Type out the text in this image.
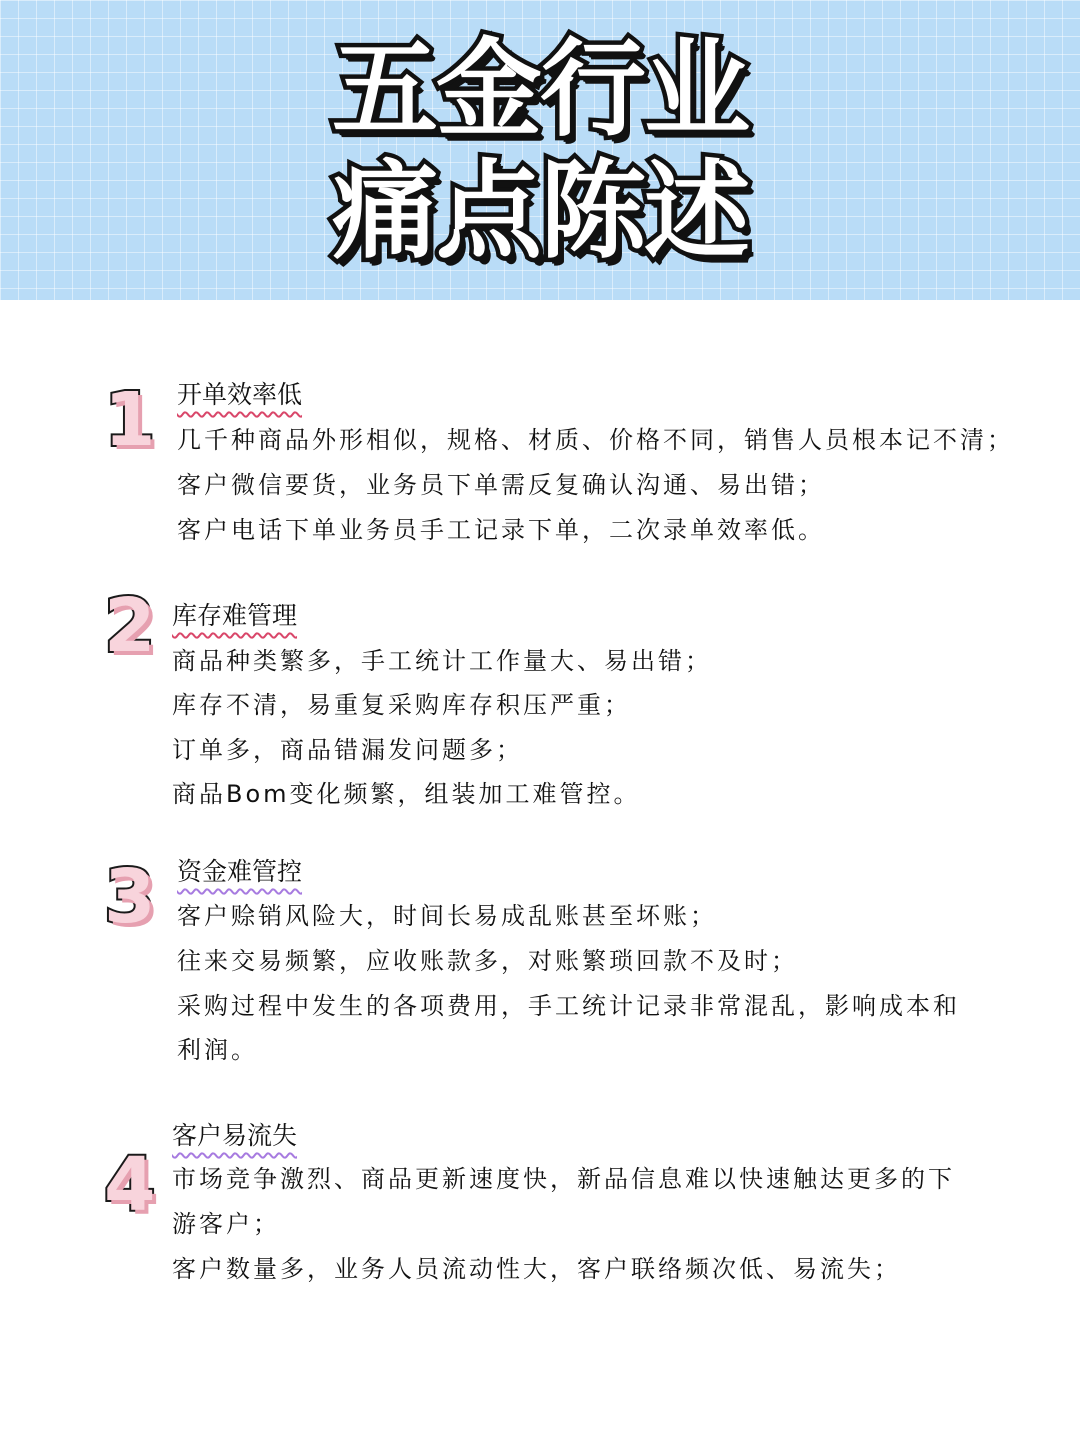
五金行业
痛点陈述
1 开单效率低
几千种商品外形相似，规格、材质、价格不同，销售人员根本记不清；
客户微信要货，业务员下单需反复确认沟通、易出错；
客户电话下单业务员手工记录下单，二次录单效率低。
2 库存难管理
商品种类繁多，手工统计工作量大、易出错；
库存不清，易重复采购库存积压严重；
订单多，商品错漏发问题多；
商品Bom变化频繁，组装加工难管控。
3 资金难管控
客户赊销风险大，时间长易成乱账甚至坏账；
往来交易频繁，应收账款多，对账繁琐回款不及时；
采购过程中发生的各项费用，手工统计记录非常混乱，影响成本和
利润。
4
客户易流失
市场竞争激烈、商品更新速度快，新品信息难以快速触达更多的下
游客户；
客户数量多，业务人员流动性大，客户联络频次低、易流失；
